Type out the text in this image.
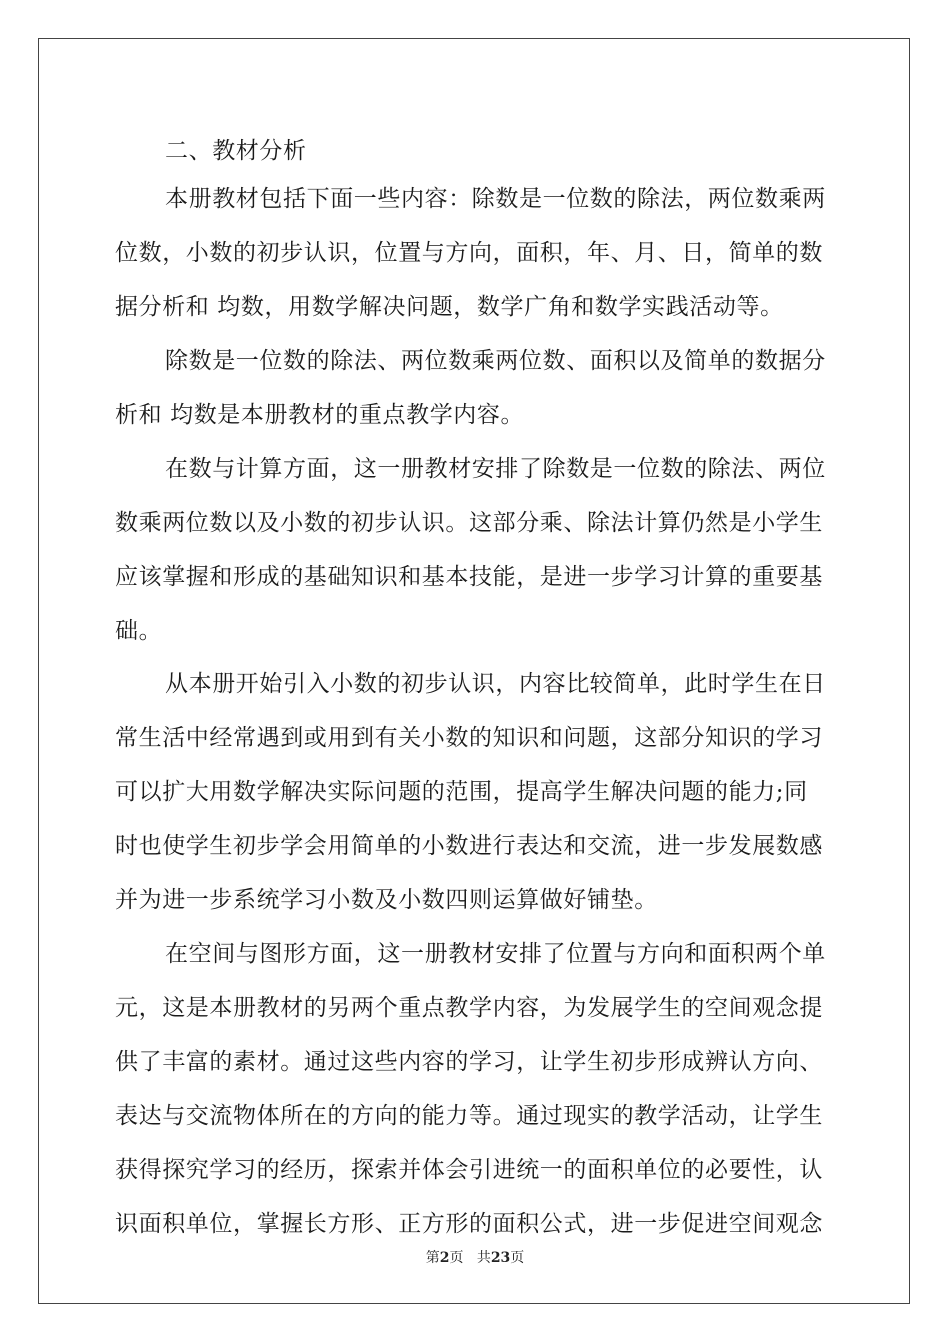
二、教材分析
本册教材包括下面一些内容：除数是一位数的除法，两位数乘两
位数，小数的初步认识，位置与方向，面积，年、月、日，简单的数
据分析和 均数，用数学解决问题，数学广角和数学实践活动等。
除数是一位数的除法、两位数乘两位数、面积以及简单的数据分
析和 均数是本册教材的重点教学内容。
在数与计算方面，这一册教材安排了除数是一位数的除法、两位
数乘两位数以及小数的初步认识。这部分乘、除法计算仍然是小学生
应该掌握和形成的基础知识和基本技能，是进一步学习计算的重要基
础。
从本册开始引入小数的初步认识，内容比较简单，此时学生在日
常生活中经常遇到或用到有关小数的知识和问题，这部分知识的学习
可以扩大用数学解决实际问题的范围，提高学生解决问题的能力;同
时也使学生初步学会用简单的小数进行表达和交流，进一步发展数感
并为进一步系统学习小数及小数四则运算做好铺垫。
在空间与图形方面，这一册教材安排了位置与方向和面积两个单
元，这是本册教材的另两个重点教学内容，为发展学生的空间观念提
供了丰富的素材。通过这些内容的学习，让学生初步形成辨认方向、
表达与交流物体所在的方向的能力等。通过现实的教学活动，让学生
获得探究学习的经历，探索并体会引进统一的面积单位的必要性，认
识面积单位，掌握长方形、正方形的面积公式，进一步促进空间观念
第2页 共23页
